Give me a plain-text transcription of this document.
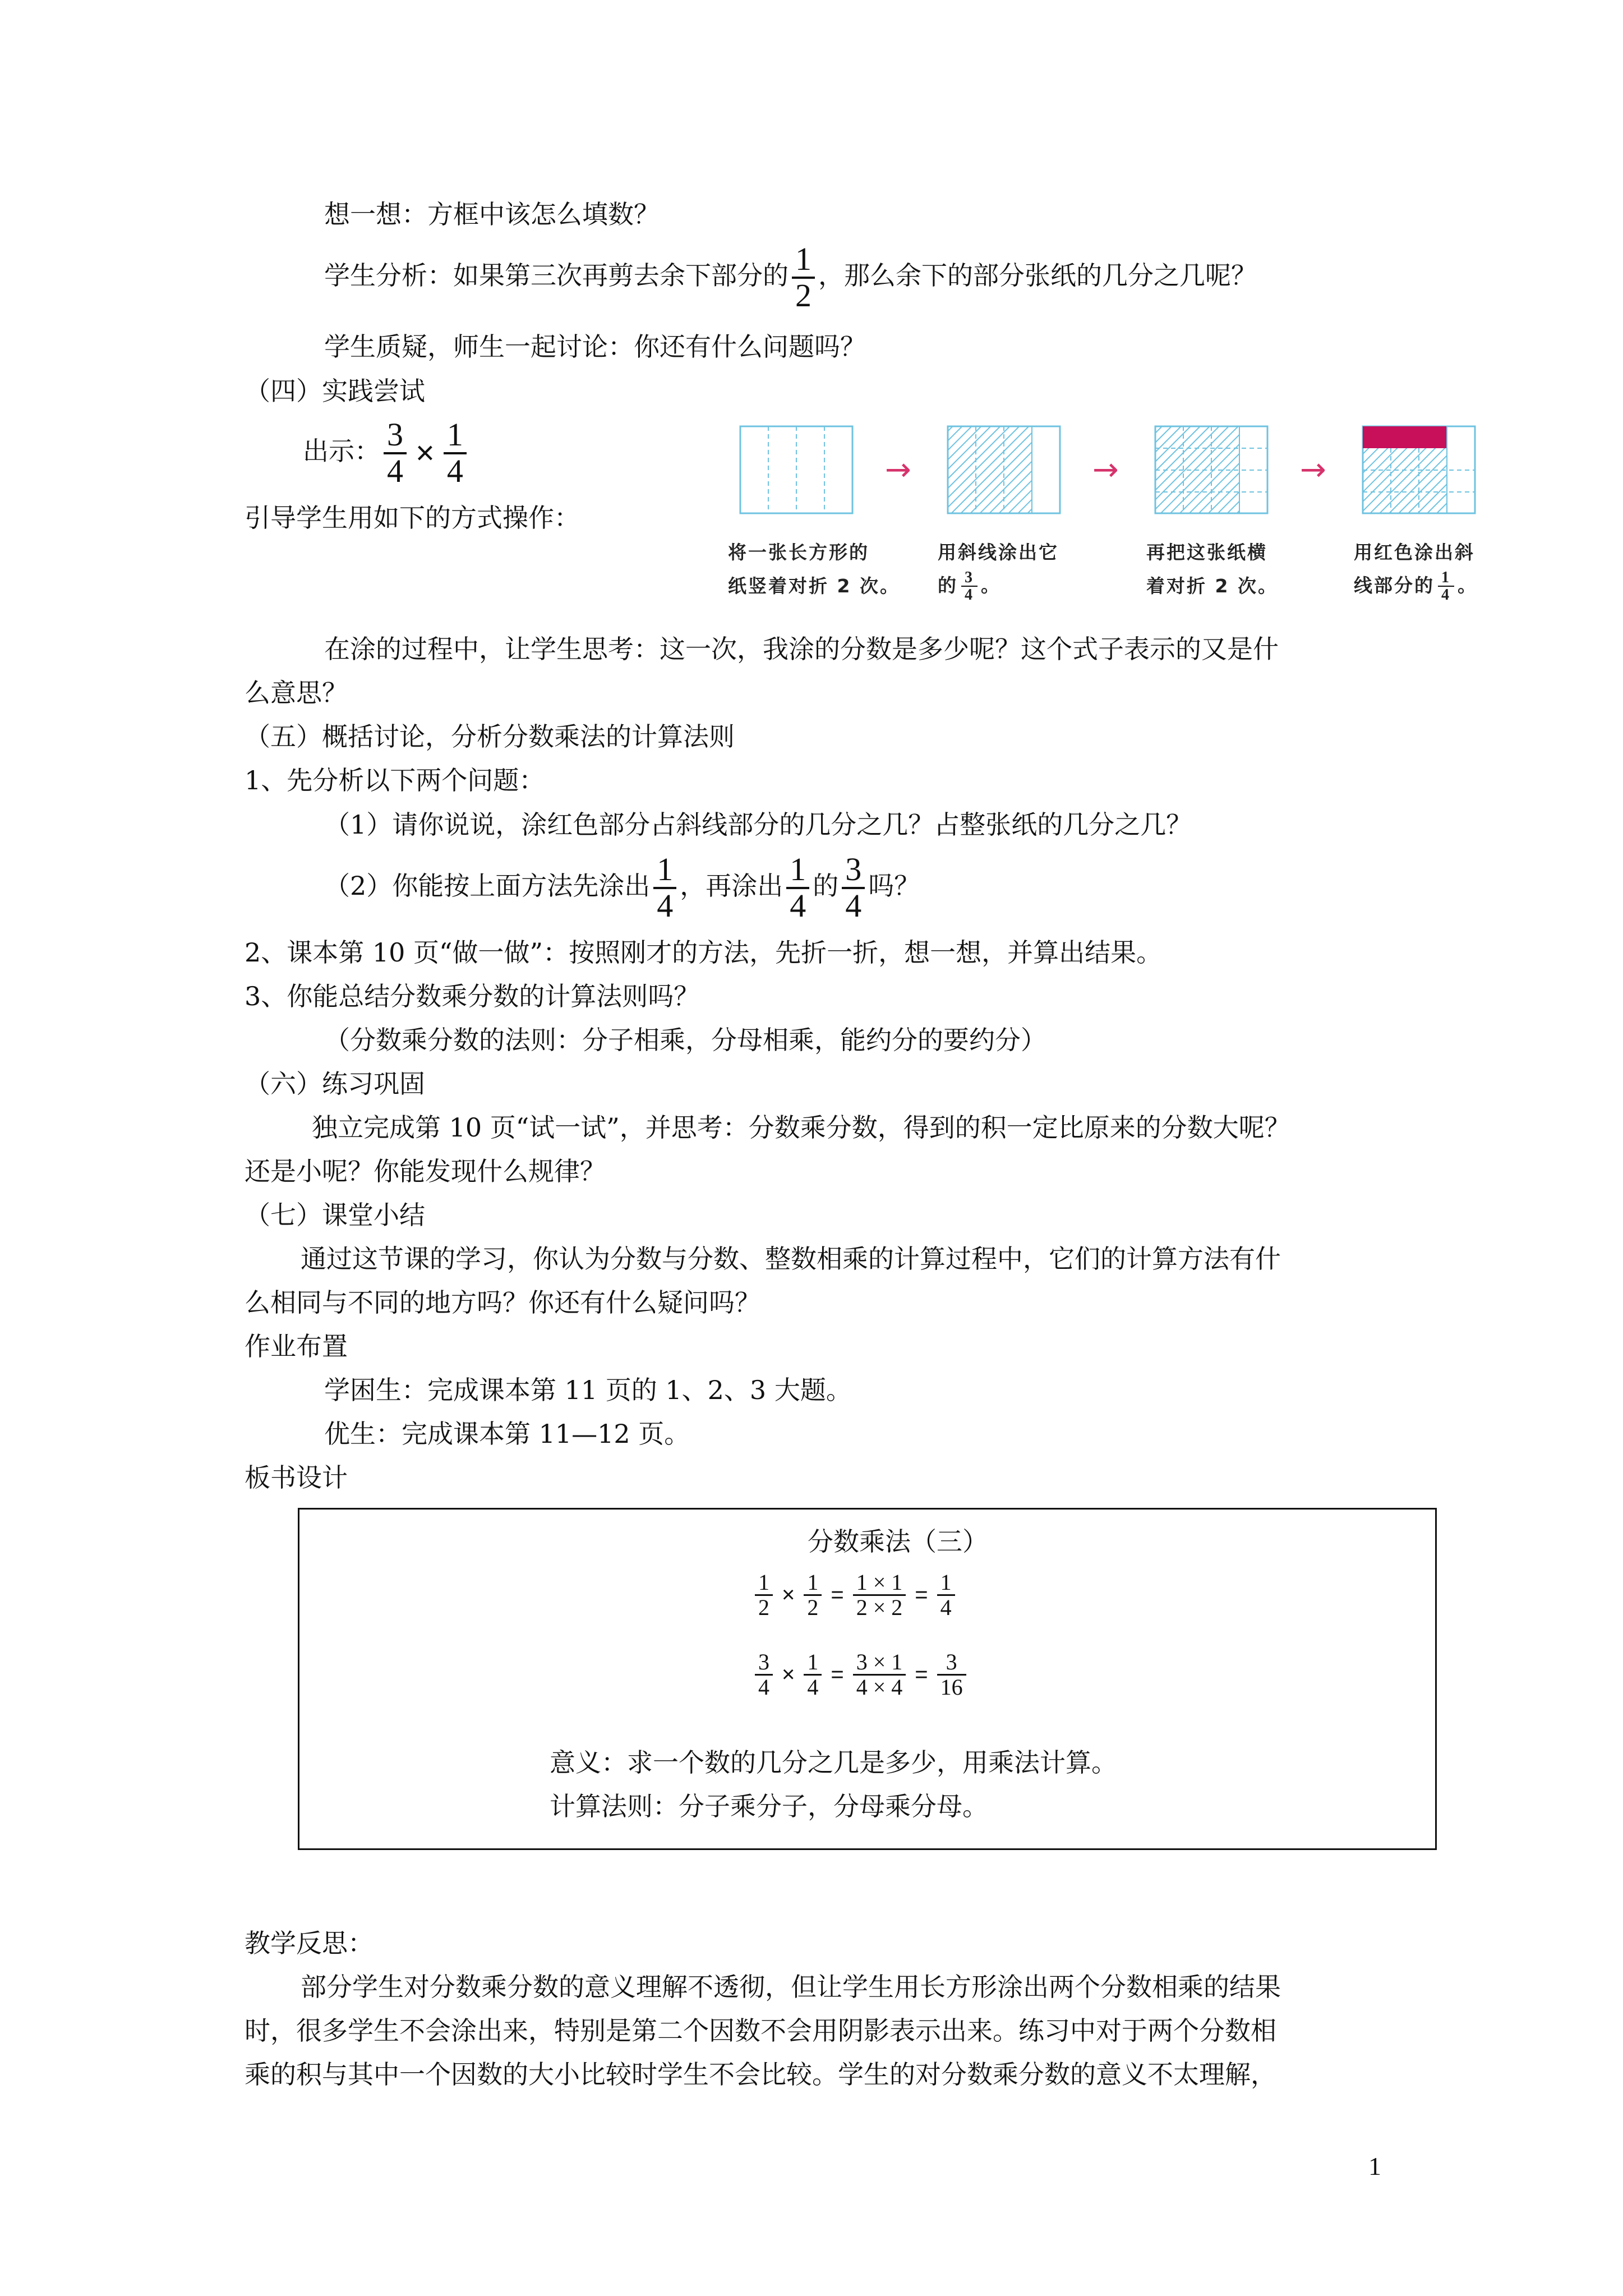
想一想：方框中该怎么填数？
学生分析：如果第三次再剪去余下部分的 $\frac{1}{2}$ ，那么余下的部分张纸的几分之几呢？
学生质疑，师生一起讨论：你还有什么问题吗？
（四）实践尝试
出示： $\frac{3}{4} \times \frac{1}{4}$
引导学生用如下的方式操作：
→	→	→
将一张长方形的
纸竖着对折 2 次。
用斜线涂出它
的 $\frac{3}{4}$ 。
再把这张纸横
着对折 2 次。
用红色涂出斜
线部分的 $\frac{1}{4}$ 。
在涂的过程中，让学生思考：这一次，我涂的分数是多少呢？这个式子表示的又是什
么意思？
（五）概括讨论，分析分数乘法的计算法则
1、先分析以下两个问题：
（1）请你说说，涂红色部分占斜线部分的几分之几？占整张纸的几分之几？
（2）你能按上面方法先涂出 $\frac{1}{4}$ ，再涂出 $\frac{1}{4}$ 的 $\frac{3}{4}$ 吗？
2、课本第 10 页“做一做”：按照刚才的方法，先折一折，想一想，并算出结果。
3、你能总结分数乘分数的计算法则吗？
（分数乘分数的法则：分子相乘，分母相乘，能约分的要约分）
（六）练习巩固
独立完成第 10 页“试一试”，并思考：分数乘分数，得到的积一定比原来的分数大呢？
还是小呢？你能发现什么规律？
（七）课堂小结
通过这节课的学习，你认为分数与分数、整数相乘的计算过程中，它们的计算方法有什
么相同与不同的地方吗？你还有什么疑问吗？
作业布置
学困生：完成课本第 11 页的 1、2、3 大题。
优生：完成课本第 11—12 页。
板书设计
分数乘法（三）
$\frac{1}{2} \times \frac{1}{2} = \frac{1 \times 1}{2 \times 2} = \frac{1}{4}$
$\frac{3}{4} \times \frac{1}{4} = \frac{3 \times 1}{4 \times 4} = \frac{3}{16}$
意义：求一个数的几分之几是多少，用乘法计算。
计算法则：分子乘分子，分母乘分母。
教学反思：
部分学生对分数乘分数的意义理解不透彻，但让学生用长方形涂出两个分数相乘的结果
时，很多学生不会涂出来，特别是第二个因数不会用阴影表示出来。练习中对于两个分数相
乘的积与其中一个因数的大小比较时学生不会比较。学生的对分数乘分数的意义不太理解，
1
